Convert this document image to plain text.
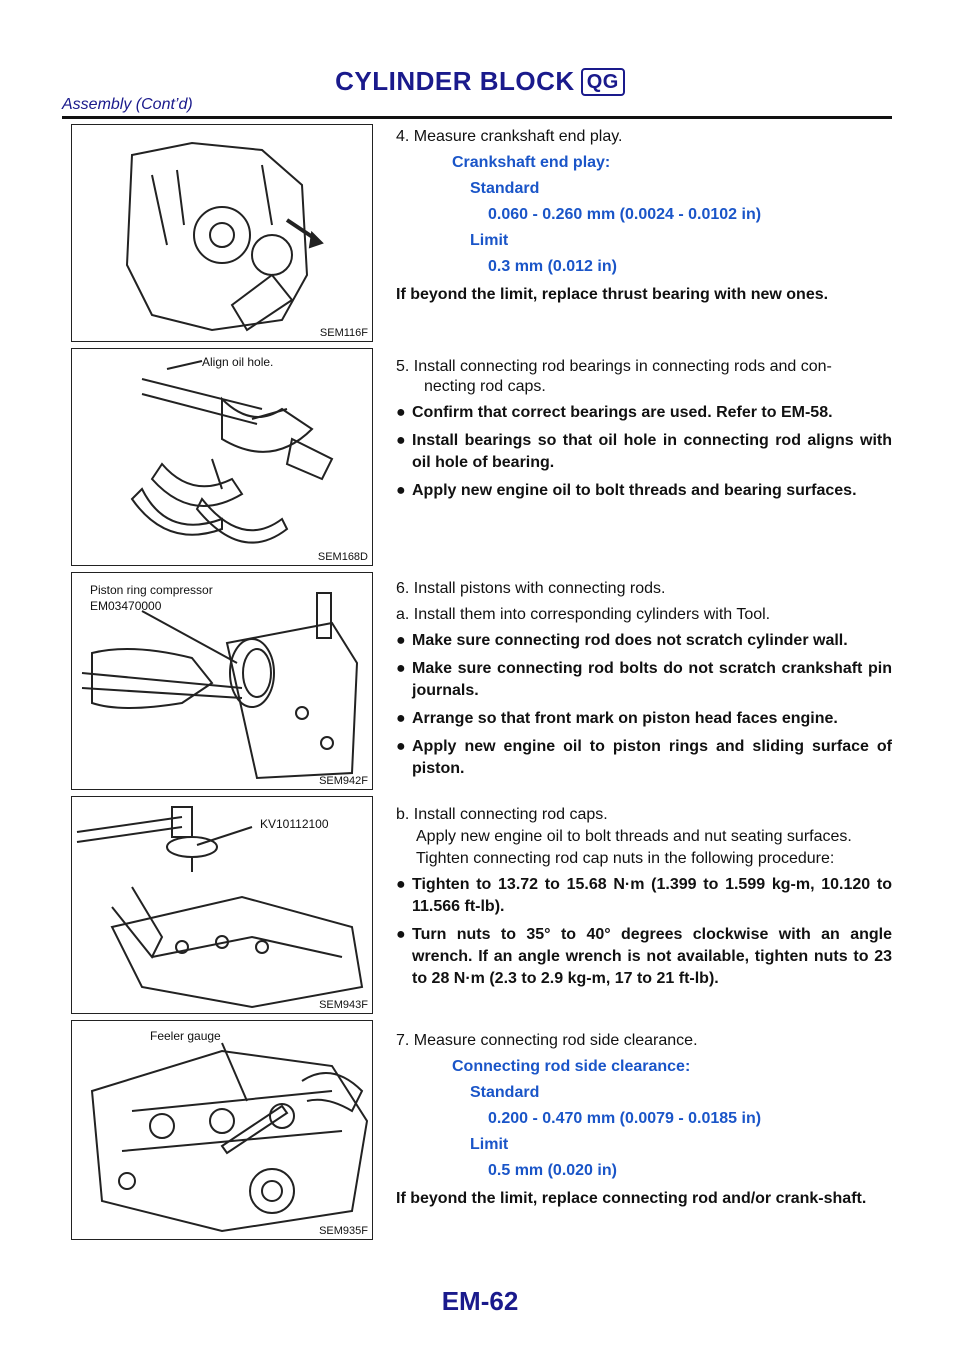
CYLINDER BLOCK QG
Assembly (Cont’d)
SEM116F
Align oil hole.
SEM168D
Piston ring compressor
EM03470000
SEM942F
KV10112100
SEM943F
Feeler gauge
SEM935F
4. Measure crankshaft end play.
Crankshaft end play:
Standard
0.060 - 0.260 mm (0.0024 - 0.0102 in)
Limit
0.3 mm (0.012 in)
If beyond the limit, replace thrust bearing with new ones.
5. Install connecting rod bearings in connecting rods and con-
necting rod caps.
● Confirm that correct bearings are used. Refer to EM-58.
● Install bearings so that oil hole in connecting rod aligns with oil hole of bearing.
● Apply new engine oil to bolt threads and bearing surfaces.
6. Install pistons with connecting rods.
a. Install them into corresponding cylinders with Tool.
● Make sure connecting rod does not scratch cylinder wall.
● Make sure connecting rod bolts do not scratch crankshaft pin journals.
● Arrange so that front mark on piston head faces engine.
● Apply new engine oil to piston rings and sliding surface of piston.
b. Install connecting rod caps.
Apply new engine oil to bolt threads and nut seating surfaces.
Tighten connecting rod cap nuts in the following procedure:
● Tighten to 13.72 to 15.68 N·m (1.399 to 1.599 kg-m, 10.120 to 11.566 ft-lb).
● Turn nuts to 35° to 40° degrees clockwise with an angle wrench. If an angle wrench is not available, tighten nuts to 23 to 28 N·m (2.3 to 2.9 kg-m, 17 to 21 ft-lb).
7. Measure connecting rod side clearance.
Connecting rod side clearance:
Standard
0.200 - 0.470 mm (0.0079 - 0.0185 in)
Limit
0.5 mm (0.020 in)
If beyond the limit, replace connecting rod and/or crank-shaft.
EM-62
